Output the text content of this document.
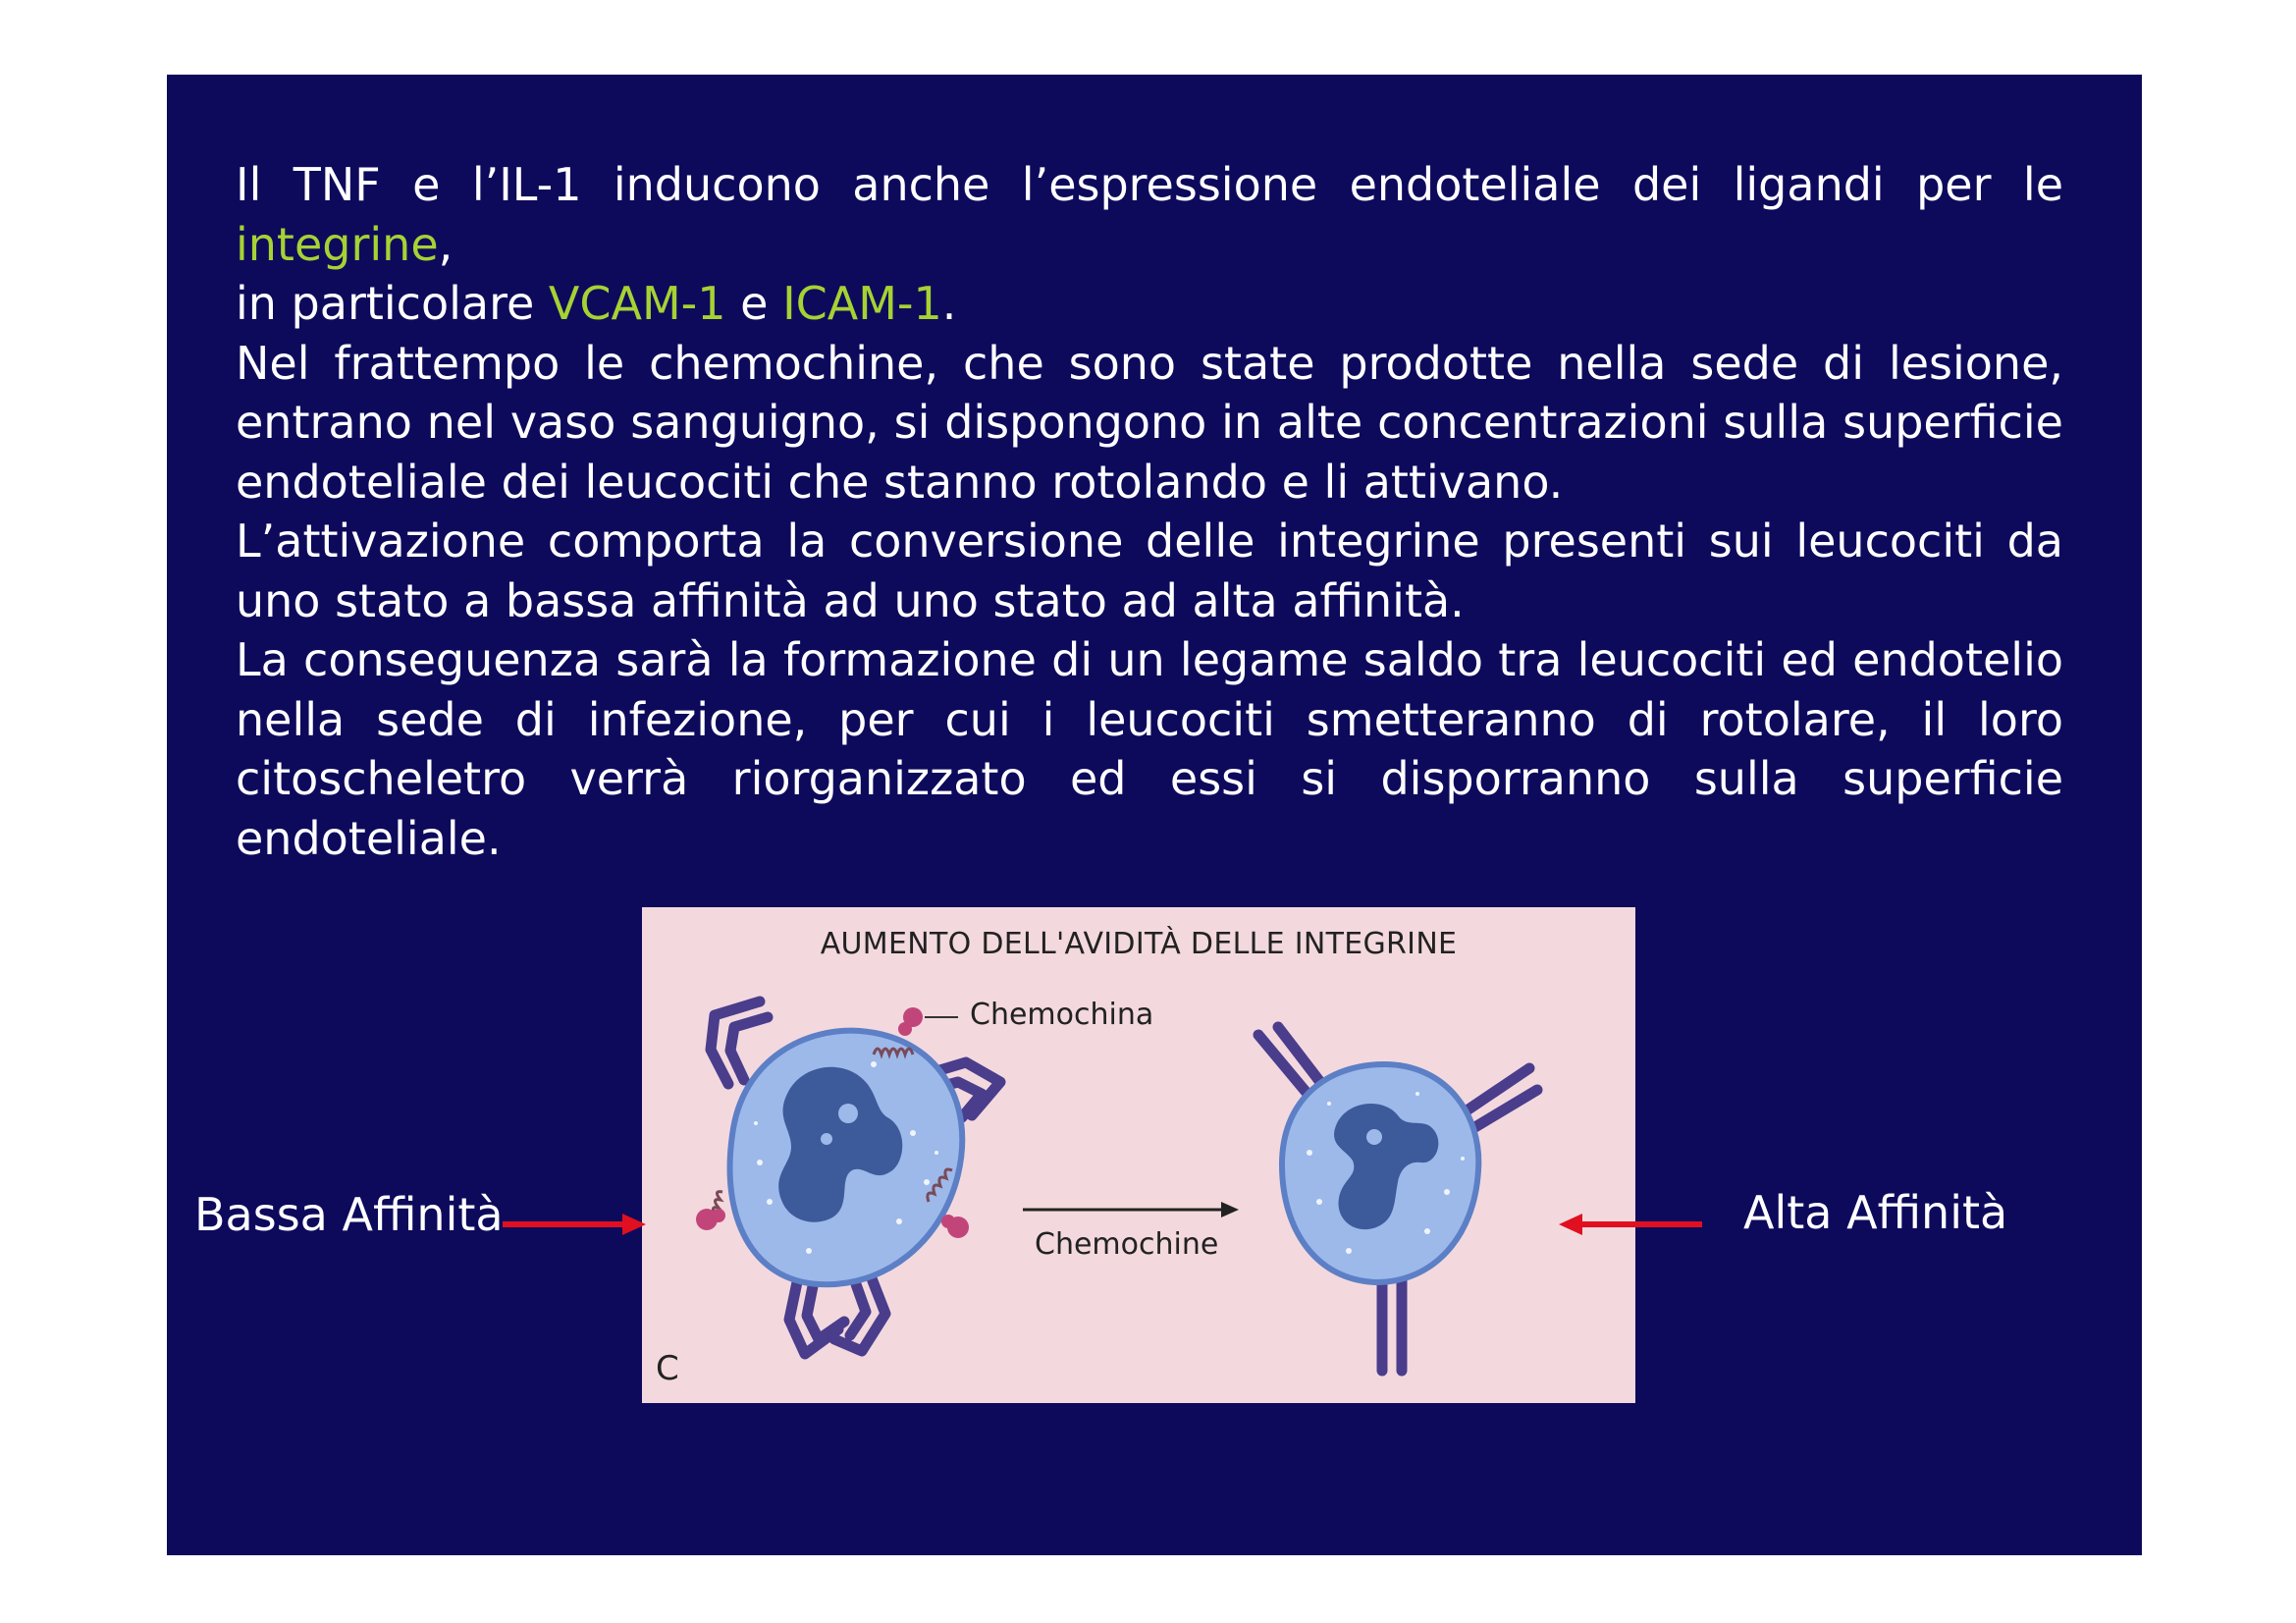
Il TNF e l’IL-1 inducono anche l’espressione endoteliale dei ligandi per le integrine,
in particolare VCAM-1 e ICAM-1.

Nel frattempo le chemochine, che sono state prodotte nella sede di lesione, entrano nel vaso sanguigno, si dispongono in alte concentrazioni sulla superficie endoteliale dei leucociti che stanno rotolando e li attivano.

L’attivazione comporta la conversione delle integrine presenti sui leucociti da uno stato a bassa affinità ad uno stato ad alta affinità.

La conseguenza sarà la formazione di un legame saldo tra leucociti ed endotelio nella sede di infezione, per cui i leucociti smetteranno di rotolare, il loro citoscheletro verrà riorganizzato ed essi si disporranno sulla superficie endoteliale.

AUMENTO DELL'AVIDITÀ DELLE INTEGRINE
Chemochina
Chemochine
C
Bassa Affinità	Alta Affinità
